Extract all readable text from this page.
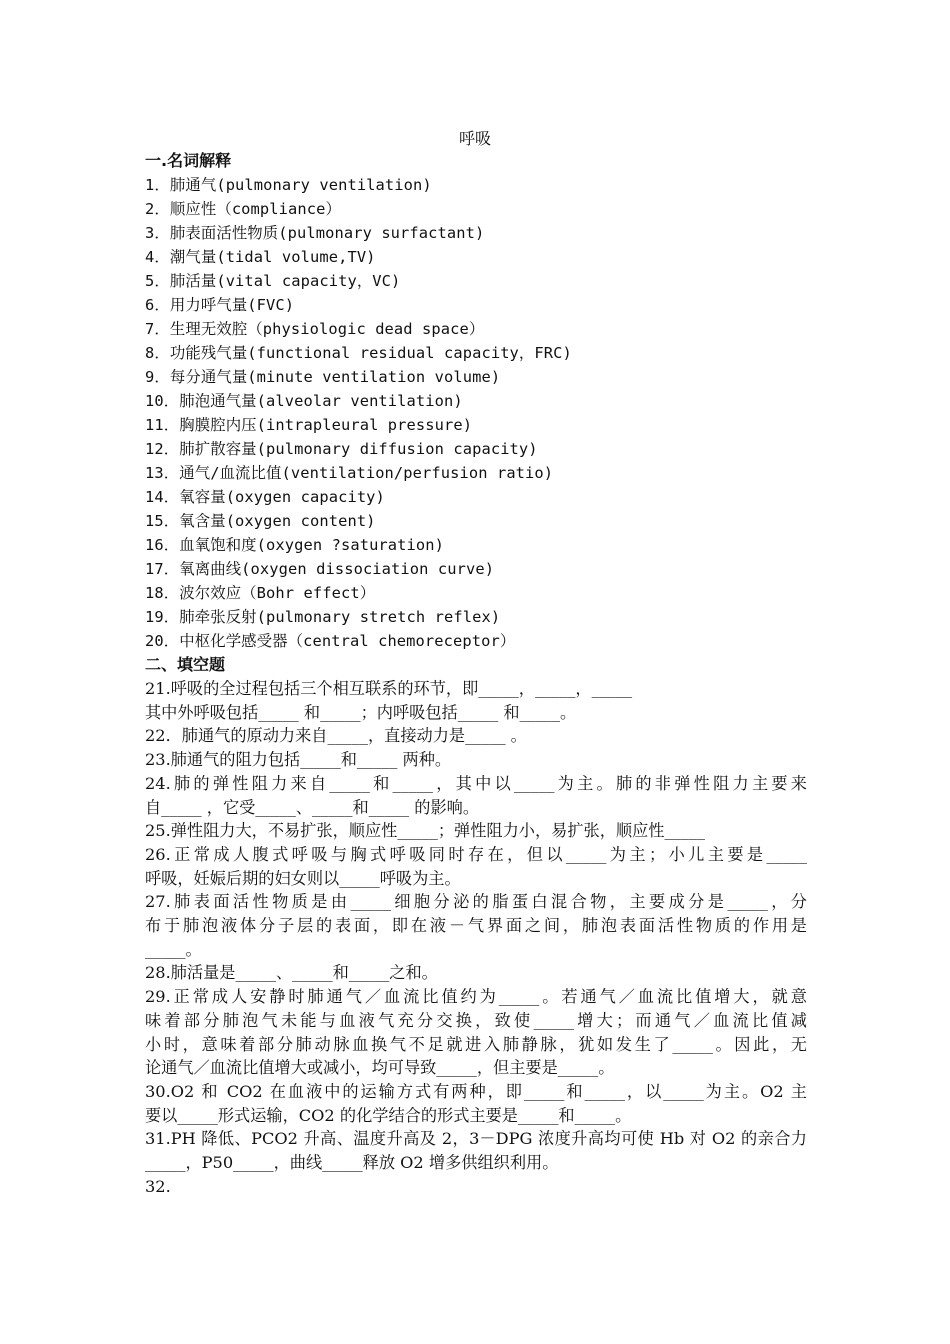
呼吸
一.名词解释
1．肺通气(pulmonary ventilation)
2．顺应性（compliance）
3．肺表面活性物质(pulmonary surfactant)
4．潮气量(tidal volume,TV)
5．肺活量(vital capacity，VC)
6．用力呼气量(FVC)
7．生理无效腔（physiologic dead space）
8．功能残气量(functional residual capacity，FRC)
9．每分通气量(minute ventilation volume)
10．肺泡通气量(alveolar ventilation)
11．胸膜腔内压(intrapleural pressure)
12．肺扩散容量(pulmonary diffusion capacity)
13．通气/血流比值(ventilation/perfusion ratio)
14．氧容量(oxygen capacity)
15．氧含量(oxygen content)
16．血氧饱和度(oxygen ?saturation)
17．氧离曲线(oxygen dissociation curve)
18．波尔效应（Bohr effect）
19．肺牵张反射(pulmonary stretch reflex)
20．中枢化学感受器（central chemoreceptor）
二、填空题
21.呼吸的全过程包括三个相互联系的环节，即_____，_____，_____
其中外呼吸包括_____ 和_____；内呼吸包括_____ 和_____。
22．肺通气的原动力来自_____，直接动力是_____ 。
23.肺通气的阻力包括_____和_____ 两种。
24.肺的弹性阻力来自_____和_____，其中以_____为主。肺的非弹性阻力主要来
自_____ ，它受_____、_____和_____ 的影响。
25.弹性阻力大，不易扩张，顺应性_____；弹性阻力小，易扩张，顺应性_____
26.正常成人腹式呼吸与胸式呼吸同时存在，但以_____为主；小儿主要是_____
呼吸，妊娠后期的妇女则以_____呼吸为主。
27.肺表面活性物质是由_____细胞分泌的脂蛋白混合物，主要成分是_____，分
布于肺泡液体分子层的表面，即在液－气界面之间，肺泡表面活性物质的作用是
_____。
28.肺活量是_____、_____和_____之和。
29.正常成人安静时肺通气／血流比值约为_____。若通气／血流比值增大，就意
味着部分肺泡气未能与血液气充分交换，致使_____增大；而通气／血流比值减
小时，意味着部分肺动脉血换气不足就进入肺静脉，犹如发生了_____。因此，无
论通气／血流比值增大或减小，均可导致_____，但主要是_____。
30.O2 和 CO2 在血液中的运输方式有两种，即_____和_____，以_____为主。O2 主
要以_____形式运输，CO2 的化学结合的形式主要是_____和_____。
31.PH 降低、PCO2 升高、温度升高及 2，3－DPG 浓度升高均可使 Hb 对 O2 的亲合力
_____，P50_____，曲线_____释放 O2 增多供组织利用。
32.
